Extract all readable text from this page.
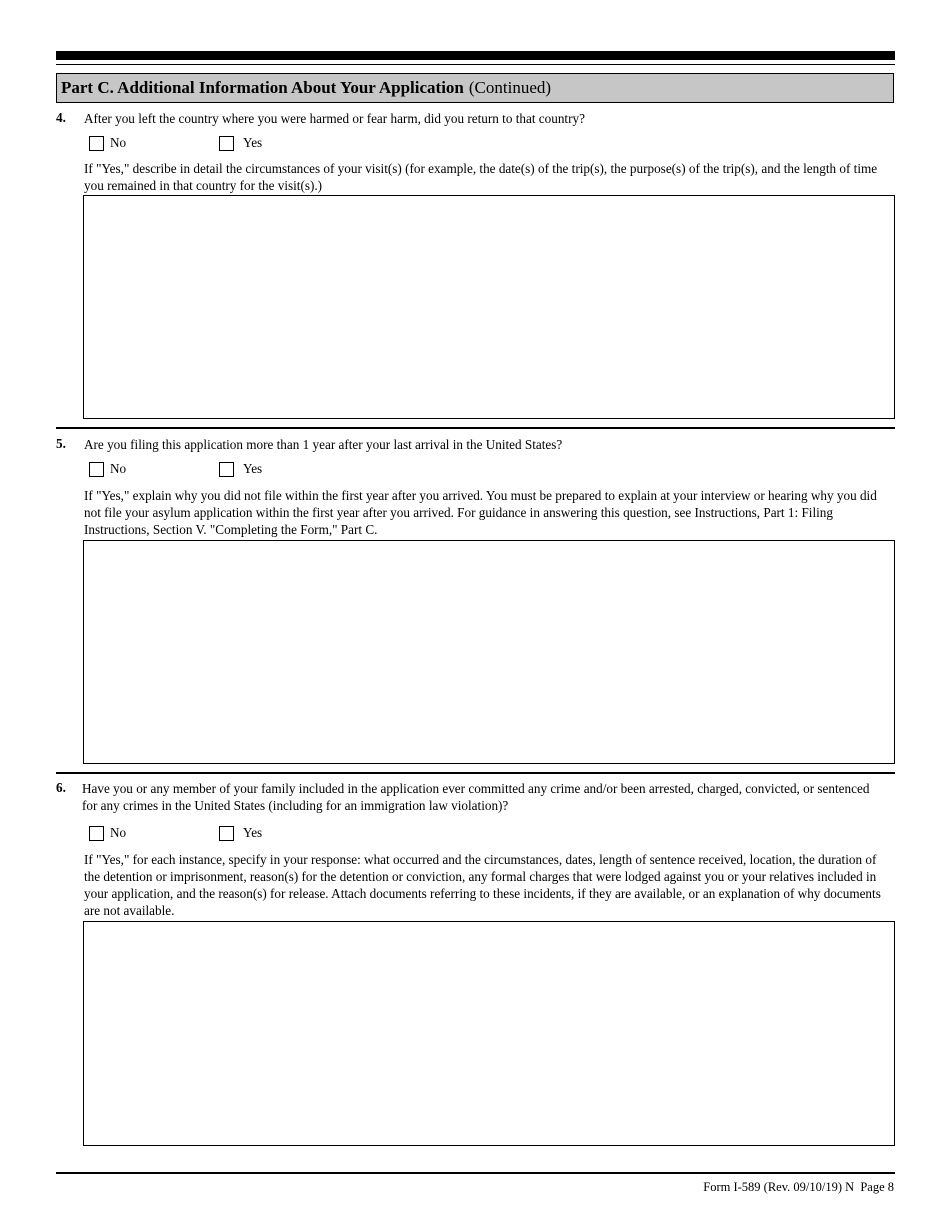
Part C. Additional Information About Your Application (Continued)
4. After you left the country where you were harmed or fear harm, did you return to that country?
No	Yes
If "Yes," describe in detail the circumstances of your visit(s) (for example, the date(s) of the trip(s), the purpose(s) of the trip(s), and the length of time you remained in that country for the visit(s).)
5. Are you filing this application more than 1 year after your last arrival in the United States?
No	Yes
If "Yes," explain why you did not file within the first year after you arrived. You must be prepared to explain at your interview or hearing why you did not file your asylum application within the first year after you arrived. For guidance in answering this question, see Instructions, Part 1: Filing Instructions, Section V. "Completing the Form," Part C.
6. Have you or any member of your family included in the application ever committed any crime and/or been arrested, charged, convicted, or sentenced for any crimes in the United States (including for an immigration law violation)?
No	Yes
If "Yes," for each instance, specify in your response: what occurred and the circumstances, dates, length of sentence received, location, the duration of the detention or imprisonment, reason(s) for the detention or conviction, any formal charges that were lodged against you or your relatives included in your application, and the reason(s) for release. Attach documents referring to these incidents, if they are available, or an explanation of why documents are not available.
Form I-589 (Rev. 09/10/19) N Page 8
